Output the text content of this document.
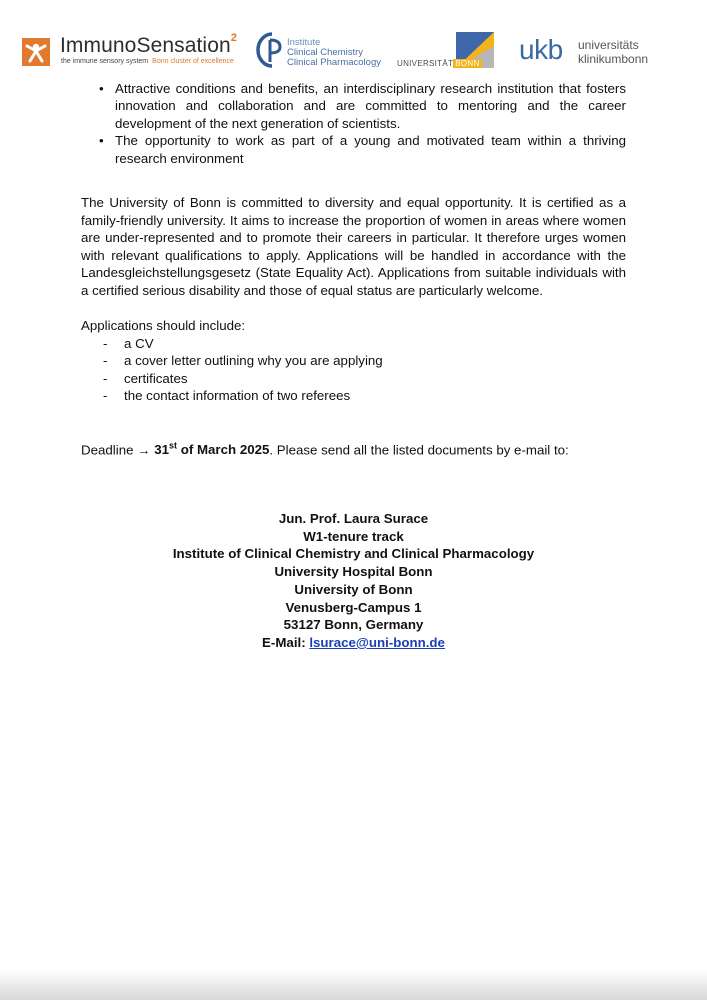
ImmunoSensation$^2$
the immune sensory system Bonn cluster of excellence
Institute
Clinical Chemistry
Clinical Pharmacology UNIVERSITÄT BONN ukb universitäts
klinikumbonn
• Attractive conditions and benefits, an interdisciplinary research institution that fosters innovation and collaboration and are committed to mentoring and the career development of the next generation of scientists.
• The opportunity to work as part of a young and motivated team within a thriving research environment
The University of Bonn is committed to diversity and equal opportunity. It is certified as a family-friendly university. It aims to increase the proportion of women in areas where women are under-represented and to promote their careers in particular. It therefore urges women with relevant qualifications to apply. Applications will be handled in accordance with the Landesgleichstellungsgesetz (State Equality Act). Applications from suitable individuals with a certified serious disability and those of equal status are particularly welcome.
Applications should include:
- a CV
- a cover letter outlining why you are applying
- certificates
- the contact information of two referees
Deadline → 31st of March 2025. Please send all the listed documents by e-mail to:
Jun. Prof. Laura Surace
W1-tenure track
Institute of Clinical Chemistry and Clinical Pharmacology
University Hospital Bonn
University of Bonn
Venusberg-Campus 1
53127 Bonn, Germany
E-Mail: lsurace@uni-bonn.de
